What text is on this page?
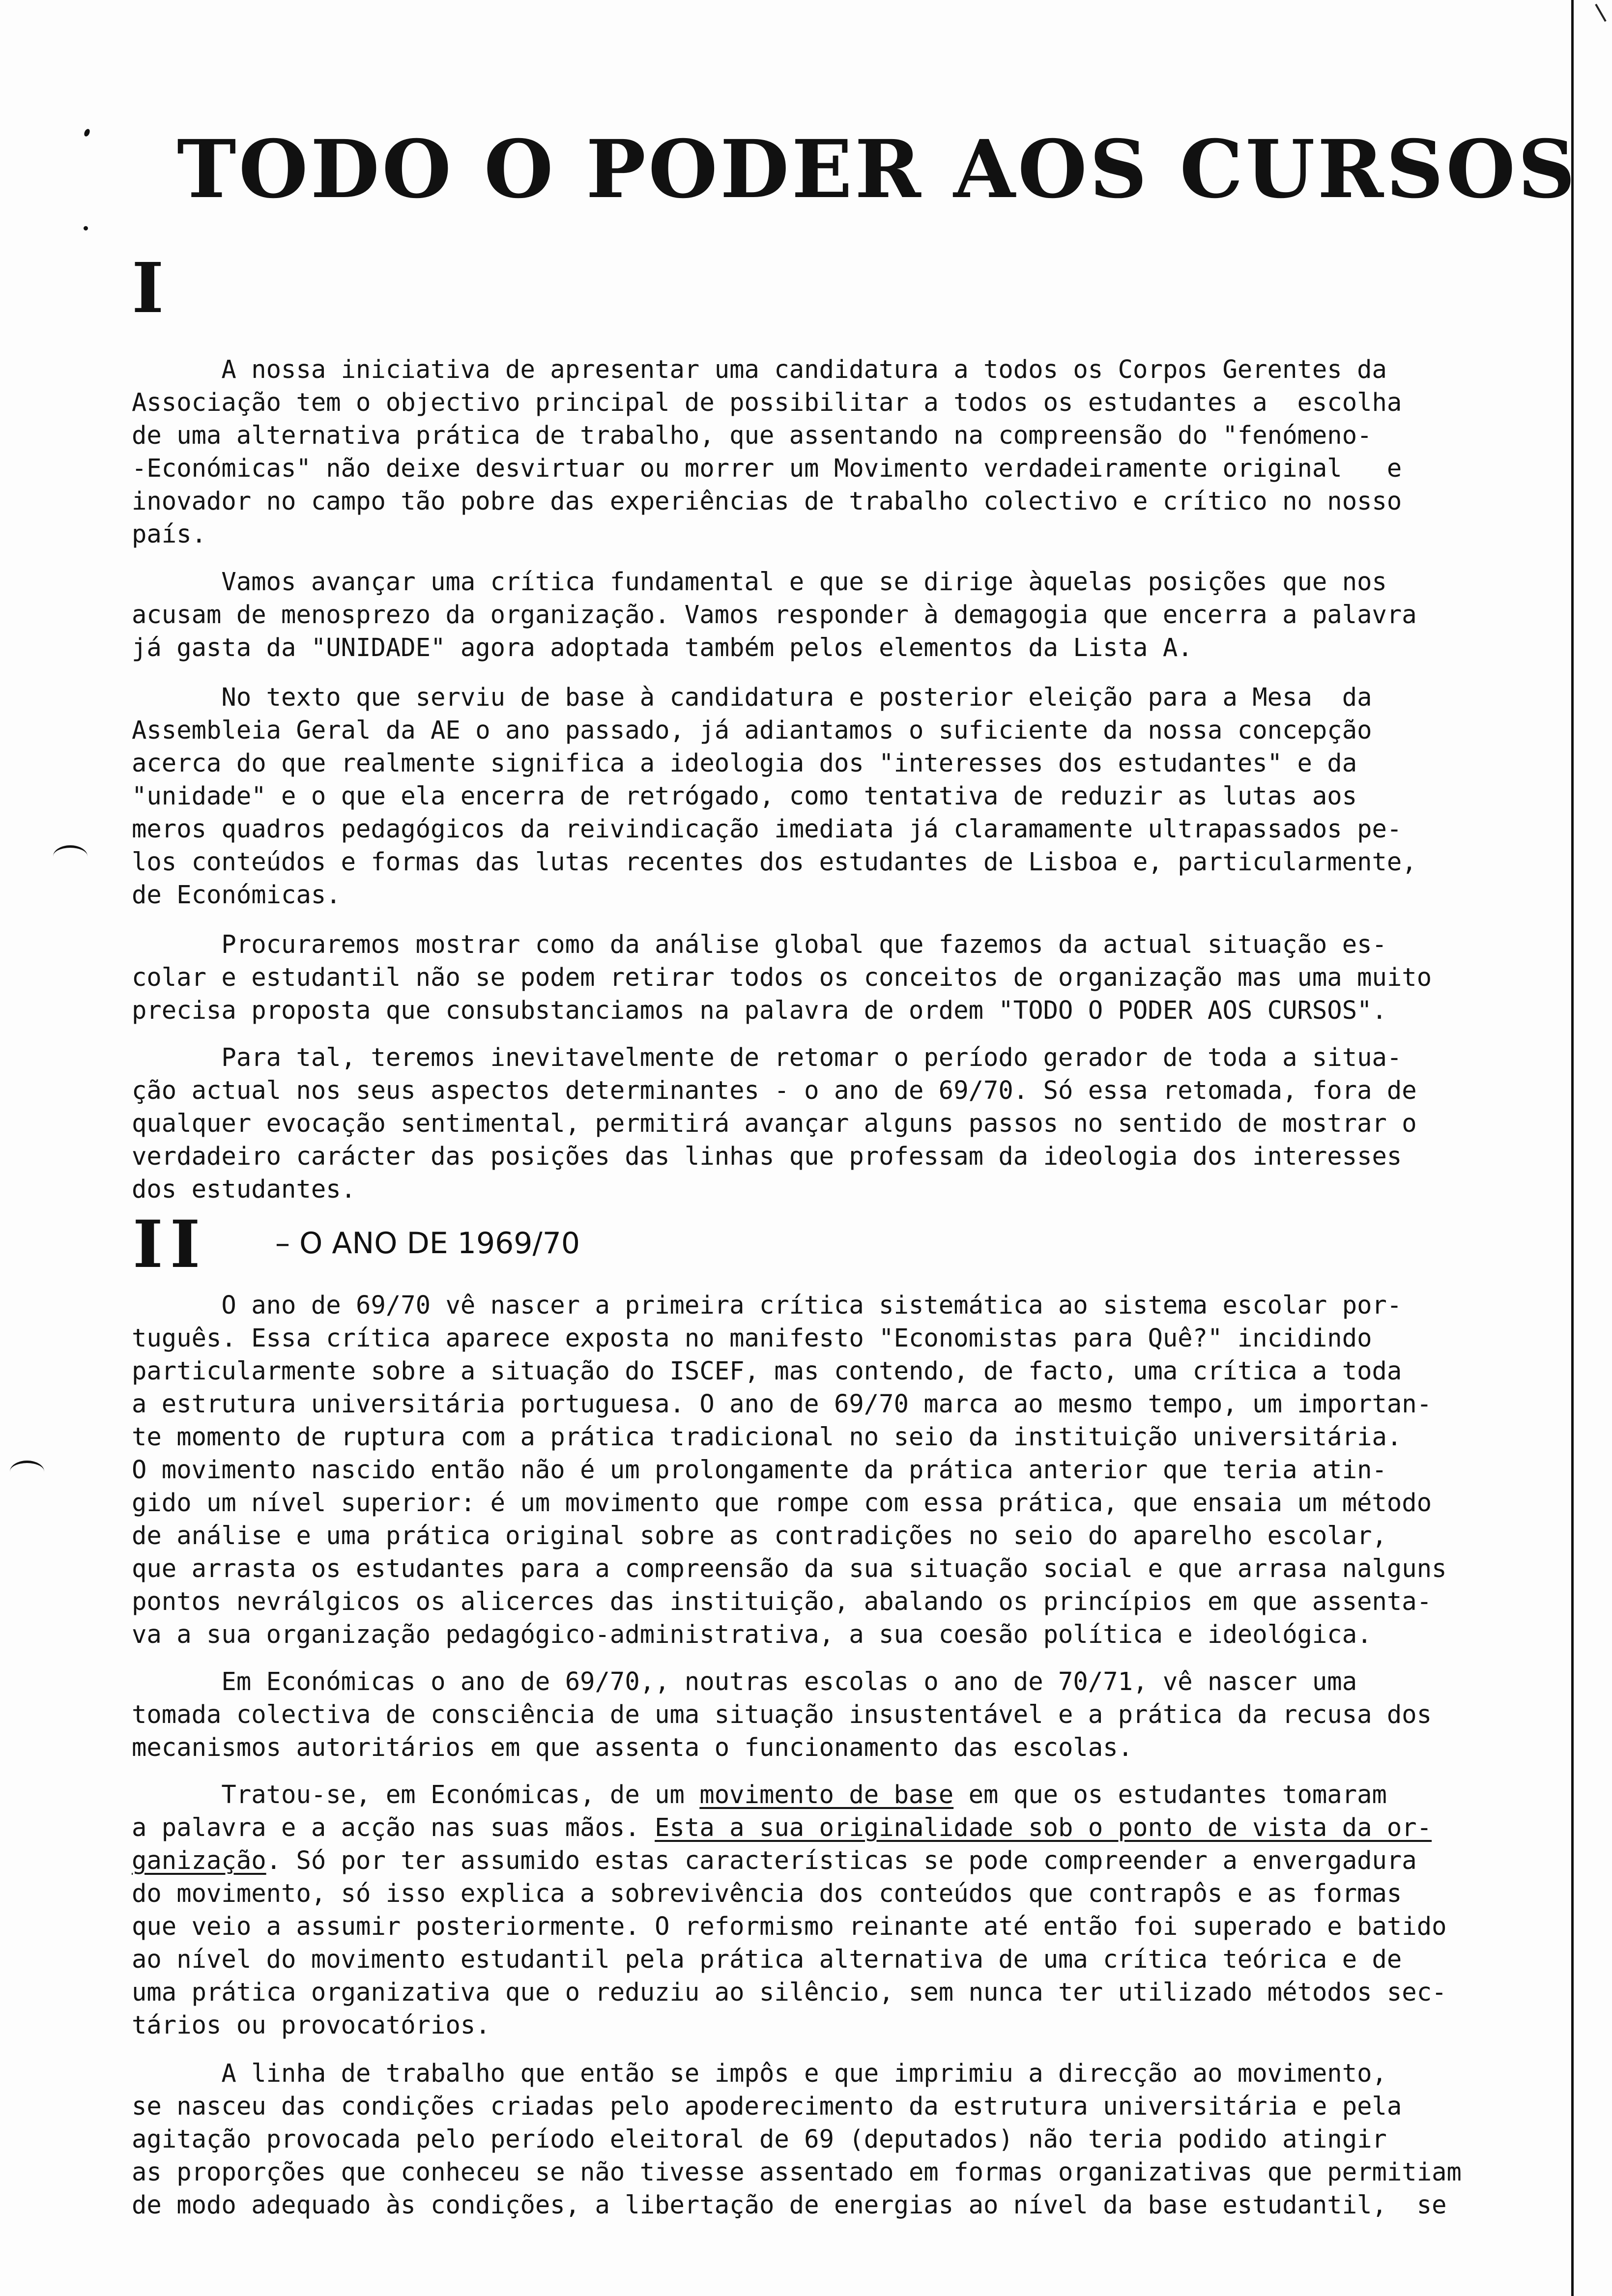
TODO O PODER AOS CURSOS
I
II – O ANO DE 1969/70
A nossa iniciativa de apresentar uma candidatura a todos os Corpos Gerentes da
Associação tem o objectivo principal de possibilitar a todos os estudantes a  escolha
de uma alternativa prática de trabalho, que assentando na compreensão do "fenómeno-
-Económicas" não deixe desvirtuar ou morrer um Movimento verdadeiramente original   e
inovador no campo tão pobre das experiências de trabalho colectivo e crítico no nosso
país.
Vamos avançar uma crítica fundamental e que se dirige àquelas posições que nos
acusam de menosprezo da organização. Vamos responder à demagogia que encerra a palavra
já gasta da "UNIDADE" agora adoptada também pelos elementos da Lista A.
No texto que serviu de base à candidatura e posterior eleição para a Mesa  da
Assembleia Geral da AE o ano passado, já adiantamos o suficiente da nossa concepção
acerca do que realmente significa a ideologia dos "interesses dos estudantes" e da
"unidade" e o que ela encerra de retrógado, como tentativa de reduzir as lutas aos
meros quadros pedagógicos da reivindicação imediata já claramamente ultrapassados pe-
los conteúdos e formas das lutas recentes dos estudantes de Lisboa e, particularmente,
de Económicas.
Procuraremos mostrar como da análise global que fazemos da actual situação es-
colar e estudantil não se podem retirar todos os conceitos de organização mas uma muito
precisa proposta que consubstanciamos na palavra de ordem "TODO O PODER AOS CURSOS".
Para tal, teremos inevitavelmente de retomar o período gerador de toda a situa-
ção actual nos seus aspectos determinantes - o ano de 69/70. Só essa retomada, fora de
qualquer evocação sentimental, permitirá avançar alguns passos no sentido de mostrar o
verdadeiro carácter das posições das linhas que professam da ideologia dos interesses
dos estudantes.
O ano de 69/70 vê nascer a primeira crítica sistemática ao sistema escolar por-
tuguês. Essa crítica aparece exposta no manifesto "Economistas para Quê?" incidindo
particularmente sobre a situação do ISCEF, mas contendo, de facto, uma crítica a toda
a estrutura universitária portuguesa. O ano de 69/70 marca ao mesmo tempo, um importan-
te momento de ruptura com a prática tradicional no seio da instituição universitária.
O movimento nascido então não é um prolongamente da prática anterior que teria atin-
gido um nível superior: é um movimento que rompe com essa prática, que ensaia um método
de análise e uma prática original sobre as contradições no seio do aparelho escolar,
que arrasta os estudantes para a compreensão da sua situação social e que arrasa nalguns
pontos nevrálgicos os alicerces das instituição, abalando os princípios em que assenta-
va a sua organização pedagógico-administrativa, a sua coesão política e ideológica.
Em Económicas o ano de 69/70,, noutras escolas o ano de 70/71, vê nascer uma
tomada colectiva de consciência de uma situação insustentável e a prática da recusa dos
mecanismos autoritários em que assenta o funcionamento das escolas.
Tratou-se, em Económicas, de um movimento de base em que os estudantes tomaram
a palavra e a acção nas suas mãos. Esta a sua originalidade sob o ponto de vista da or-
ganização. Só por ter assumido estas características se pode compreender a envergadura
do movimento, só isso explica a sobrevivência dos conteúdos que contrapôs e as formas
que veio a assumir posteriormente. O reformismo reinante até então foi superado e batido
ao nível do movimento estudantil pela prática alternativa de uma crítica teórica e de
uma prática organizativa que o reduziu ao silêncio, sem nunca ter utilizado métodos sec-
tários ou provocatórios.
A linha de trabalho que então se impôs e que imprimiu a direcção ao movimento,
se nasceu das condições criadas pelo apoderecimento da estrutura universitária e pela
agitação provocada pelo período eleitoral de 69 (deputados) não teria podido atingir
as proporções que conheceu se não tivesse assentado em formas organizativas que permitiam
de modo adequado às condições, a libertação de energias ao nível da base estudantil,  se
